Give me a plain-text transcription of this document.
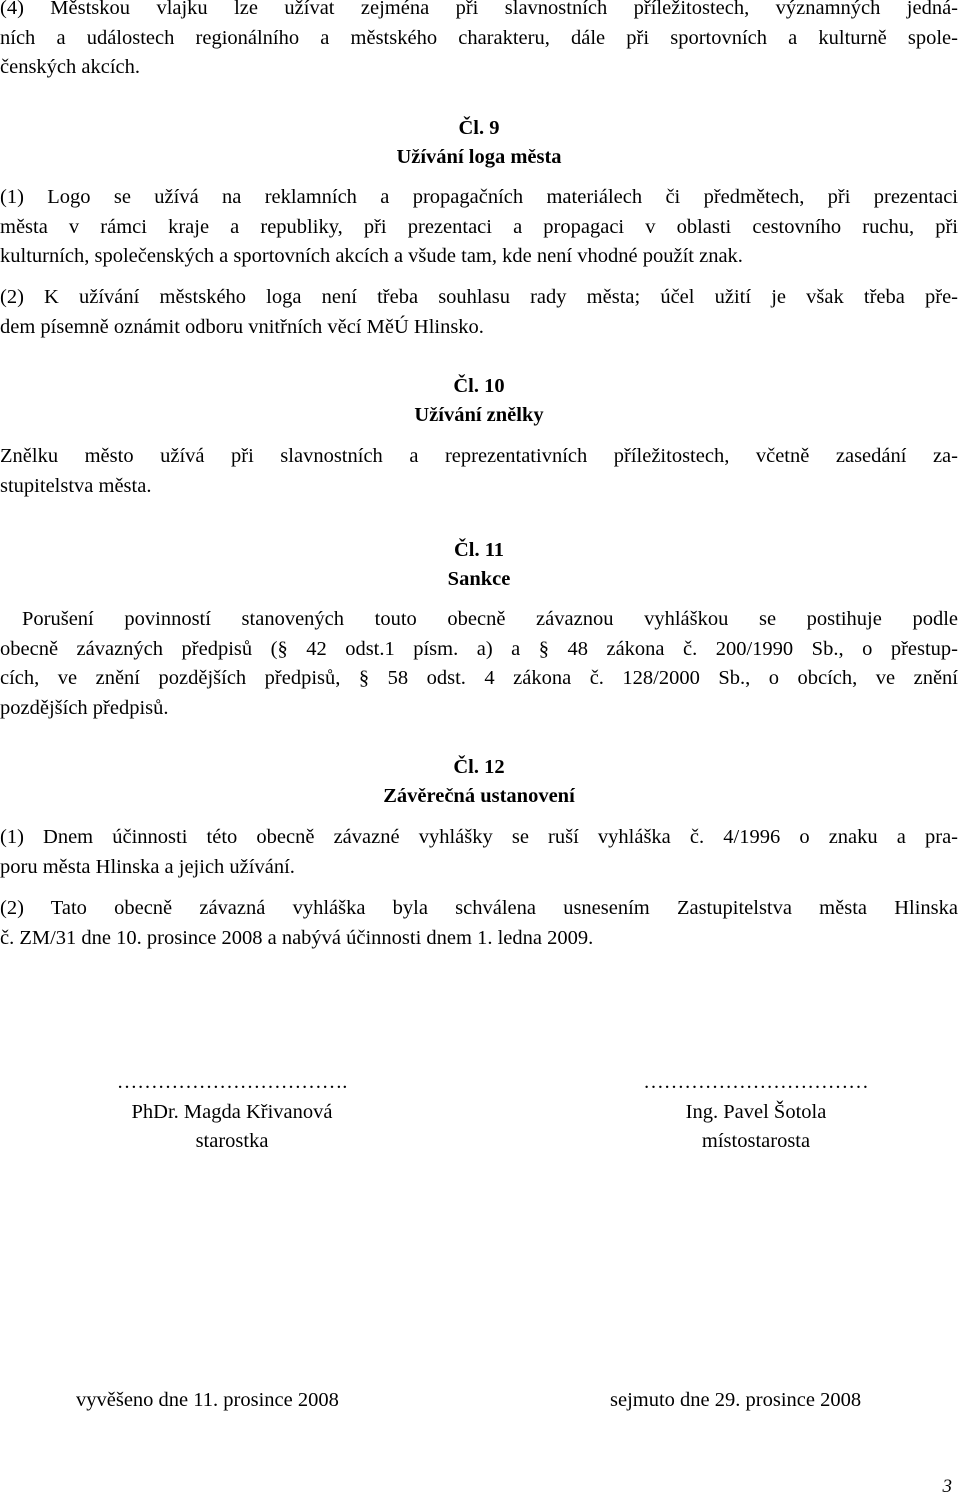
(4) Městskou vlajku lze užívat zejména při slavnostních příležitostech, významných jedná-
ních a událostech regionálního a městského charakteru, dále při sportovních a kulturně spole-
čenských akcích.
Čl. 9
Užívání loga města
(1) Logo se užívá na reklamních a propagačních materiálech či předmětech, při prezentaci
města v rámci kraje a republiky, při prezentaci a propagaci v oblasti cestovního ruchu, při
kulturních, společenských a sportovních akcích a všude tam, kde není vhodné použít znak.
(2) K užívání městského loga není třeba souhlasu rady města; účel užití je však třeba pře-
dem písemně oznámit odboru vnitřních věcí MěÚ Hlinsko.
Čl. 10
Užívání znělky
Znělku město užívá při slavnostních a reprezentativních příležitostech, včetně zasedání za-
stupitelstva města.
Čl. 11
Sankce
Porušení povinností stanovených touto obecně závaznou vyhláškou se postihuje podle
obecně závazných předpisů (§ 42 odst.1 písm. a) a § 48 zákona č. 200/1990 Sb., o přestup-
cích, ve znění pozdějších předpisů, § 58 odst. 4 zákona č. 128/2000 Sb., o obcích, ve znění
pozdějších předpisů.
Čl. 12
Závěrečná ustanovení
(1) Dnem účinnosti této obecně závazné vyhlášky se ruší vyhláška č. 4/1996 o znaku a pra-
poru města Hlinska a jejich užívání.
(2) Tato obecně závazná vyhláška byla schválena usnesením Zastupitelstva města Hlinska
č. ZM/31 dne 10. prosince 2008 a nabývá účinnosti dnem 1. ledna 2009.
…………………………….
PhDr. Magda Křivanová
starostka
……………………………
Ing. Pavel Šotola
místostarosta
vyvěšeno dne 11. prosince 2008	sejmuto dne 29. prosince 2008
3
